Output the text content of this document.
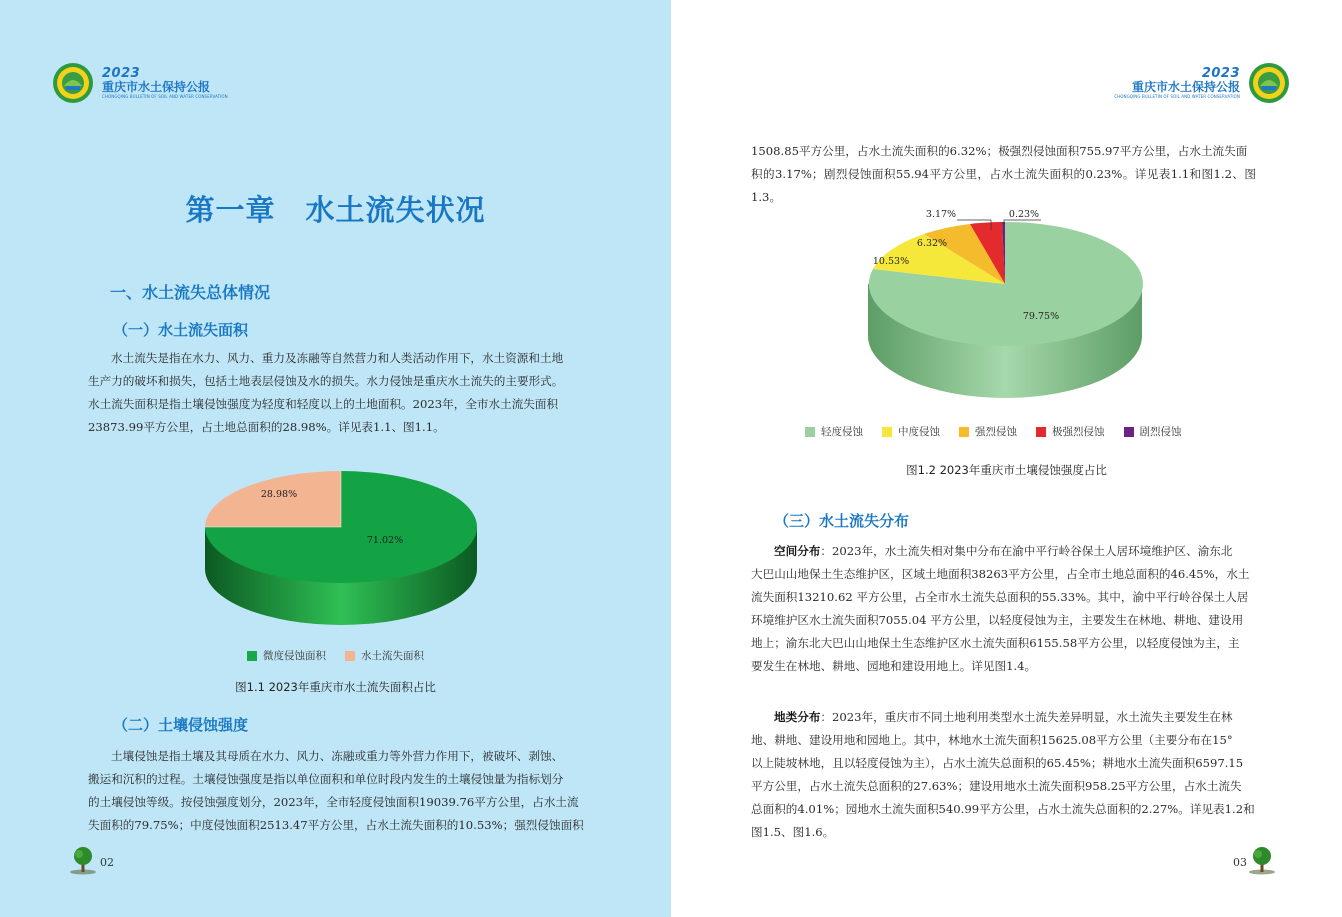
2023
重庆市水土保持公报
CHONGQING BULLETIN OF SOIL AND WATER CONSERVATION
第一章　水土流失状况
一、水土流失总体情况
（一）水土流失面积
水土流失是指在水力、风力、重力及冻融等自然营力和人类活动作用下，水土资源和土地
生产力的破坏和损失，包括土地表层侵蚀及水的损失。水力侵蚀是重庆水土流失的主要形式。
水土流失面积是指土壤侵蚀强度为轻度和轻度以上的土地面积。2023年，全市水土流失面积
23873.99平方公里，占土地总面积的28.98%。详见表1.1、图1.1。
71.02%
28.98%
微度侵蚀面积	水土流失面积
图1.1 2023年重庆市水土流失面积占比
（二）土壤侵蚀强度
土壤侵蚀是指土壤及其母质在水力、风力、冻融或重力等外营力作用下，被破坏、剥蚀、
搬运和沉积的过程。土壤侵蚀强度是指以单位面积和单位时段内发生的土壤侵蚀量为指标划分
的土壤侵蚀等级。按侵蚀强度划分，2023年，全市轻度侵蚀面积19039.76平方公里，占水土流
失面积的79.75%；中度侵蚀面积2513.47平方公里，占水土流失面积的10.53%；强烈侵蚀面积
02
2023
重庆市水土保持公报
CHONGQING BULLETIN OF SOIL AND WATER CONSERVATION
1508.85平方公里，占水土流失面积的6.32%；极强烈侵蚀面积755.97平方公里，占水土流失面
积的3.17%；剧烈侵蚀面积55.94平方公里，占水土流失面积的0.23%。详见表1.1和图1.2、图1.3。
79.75%
10.53%
6.32%
3.17%	0.23%
轻度侵蚀	中度侵蚀	强烈侵蚀	极强烈侵蚀	剧烈侵蚀
图1.2 2023年重庆市土壤侵蚀强度占比
（三）水土流失分布
空间分布：2023年，水土流失相对集中分布在渝中平行岭谷保土人居环境维护区、渝东北
大巴山山地保土生态维护区，区域土地面积38263平方公里，占全市土地总面积的46.45%，水土
流失面积13210.62 平方公里，占全市水土流失总面积的55.33%。其中，渝中平行岭谷保土人居
环境维护区水土流失面积7055.04 平方公里，以轻度侵蚀为主，主要发生在林地、耕地、建设用
地上；渝东北大巴山山地保土生态维护区水土流失面积6155.58平方公里，以轻度侵蚀为主，主
要发生在林地、耕地、园地和建设用地上。详见图1.4。
地类分布：2023年，重庆市不同土地利用类型水土流失差异明显，水土流失主要发生在林
地、耕地、建设用地和园地上。其中，林地水土流失面积15625.08平方公里（主要分布在15°
以上陡坡林地，且以轻度侵蚀为主），占水土流失总面积的65.45%；耕地水土流失面积6597.15
平方公里，占水土流失总面积的27.63%；建设用地水土流失面积958.25平方公里，占水土流失
总面积的4.01%；园地水土流失面积540.99平方公里，占水土流失总面积的2.27%。详见表1.2和
图1.5、图1.6。
03
